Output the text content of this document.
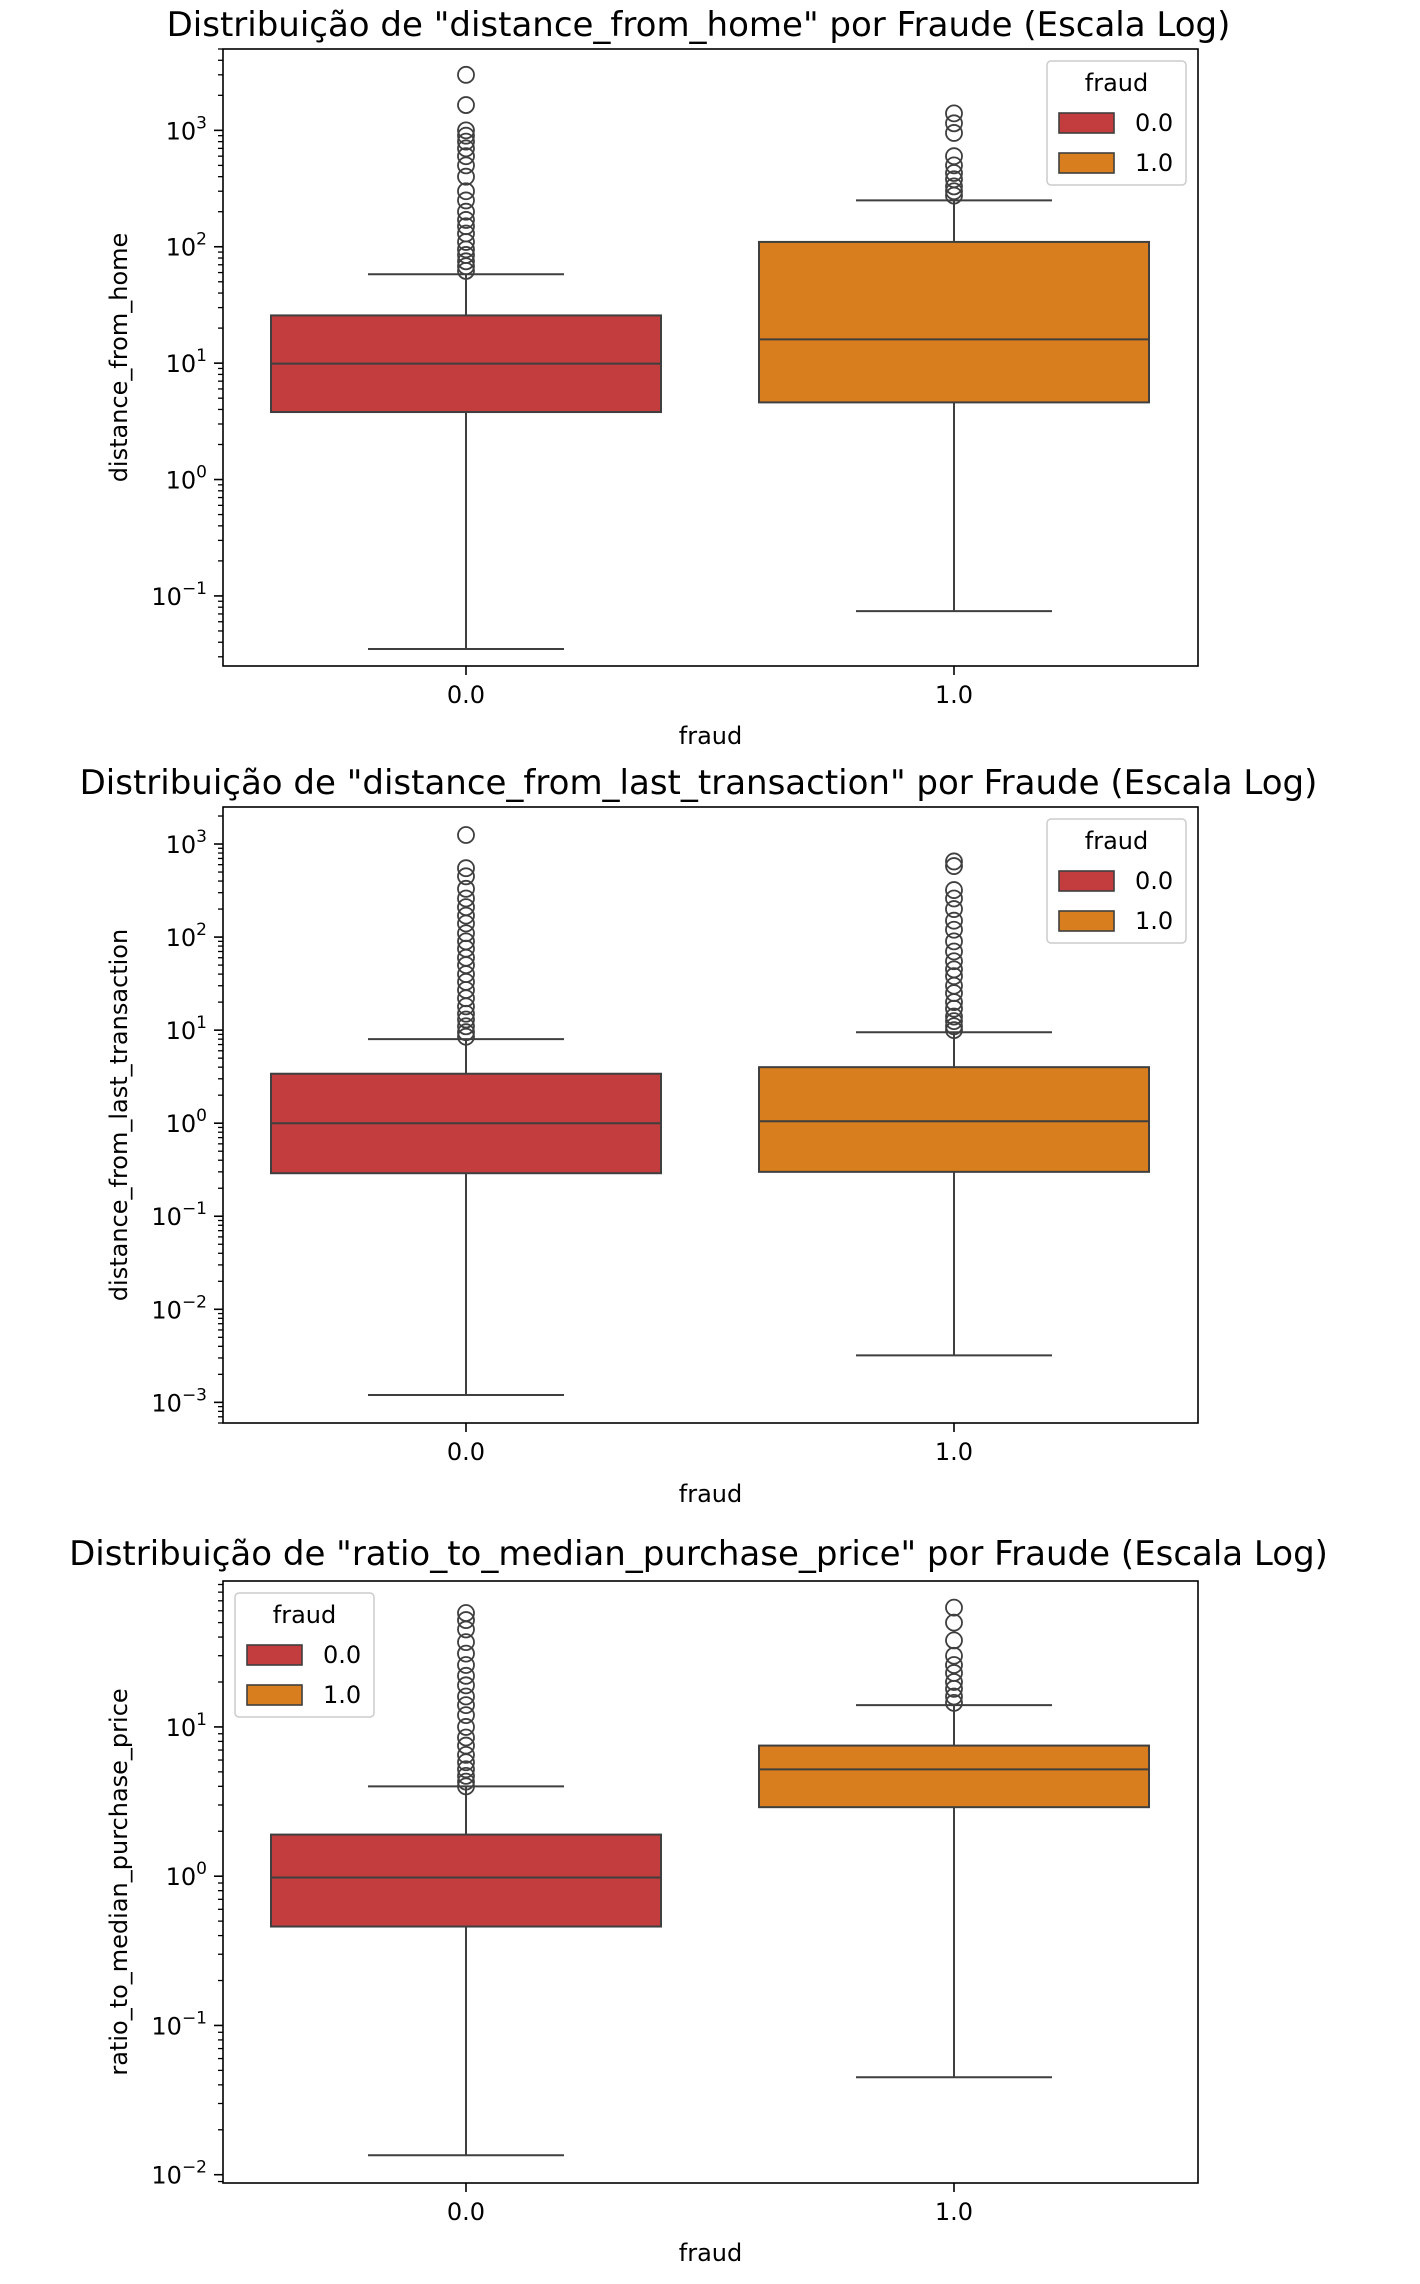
Distribuição de "distance_from_home" por Fraude (Escala Log)
distance_from_home
fraud
$10^{-1}$
$10^0$
$10^1$
$10^2$
$10^3$
0.0	1.0
fraud
0.0
1.0
Distribuição de "distance_from_last_transaction" por Fraude (Escala Log)
distance_from_last_transaction
fraud
$10^{-3}$
$10^{-2}$
$10^{-1}$
$10^0$
$10^1$
$10^2$
$10^3$
0.0	1.0
fraud
0.0
1.0
Distribuição de "ratio_to_median_purchase_price" por Fraude (Escala Log)
ratio_to_median_purchase_price
fraud
$10^{-2}$
$10^{-1}$
$10^0$
$10^1$
0.0	1.0
fraud
0.0
1.0
